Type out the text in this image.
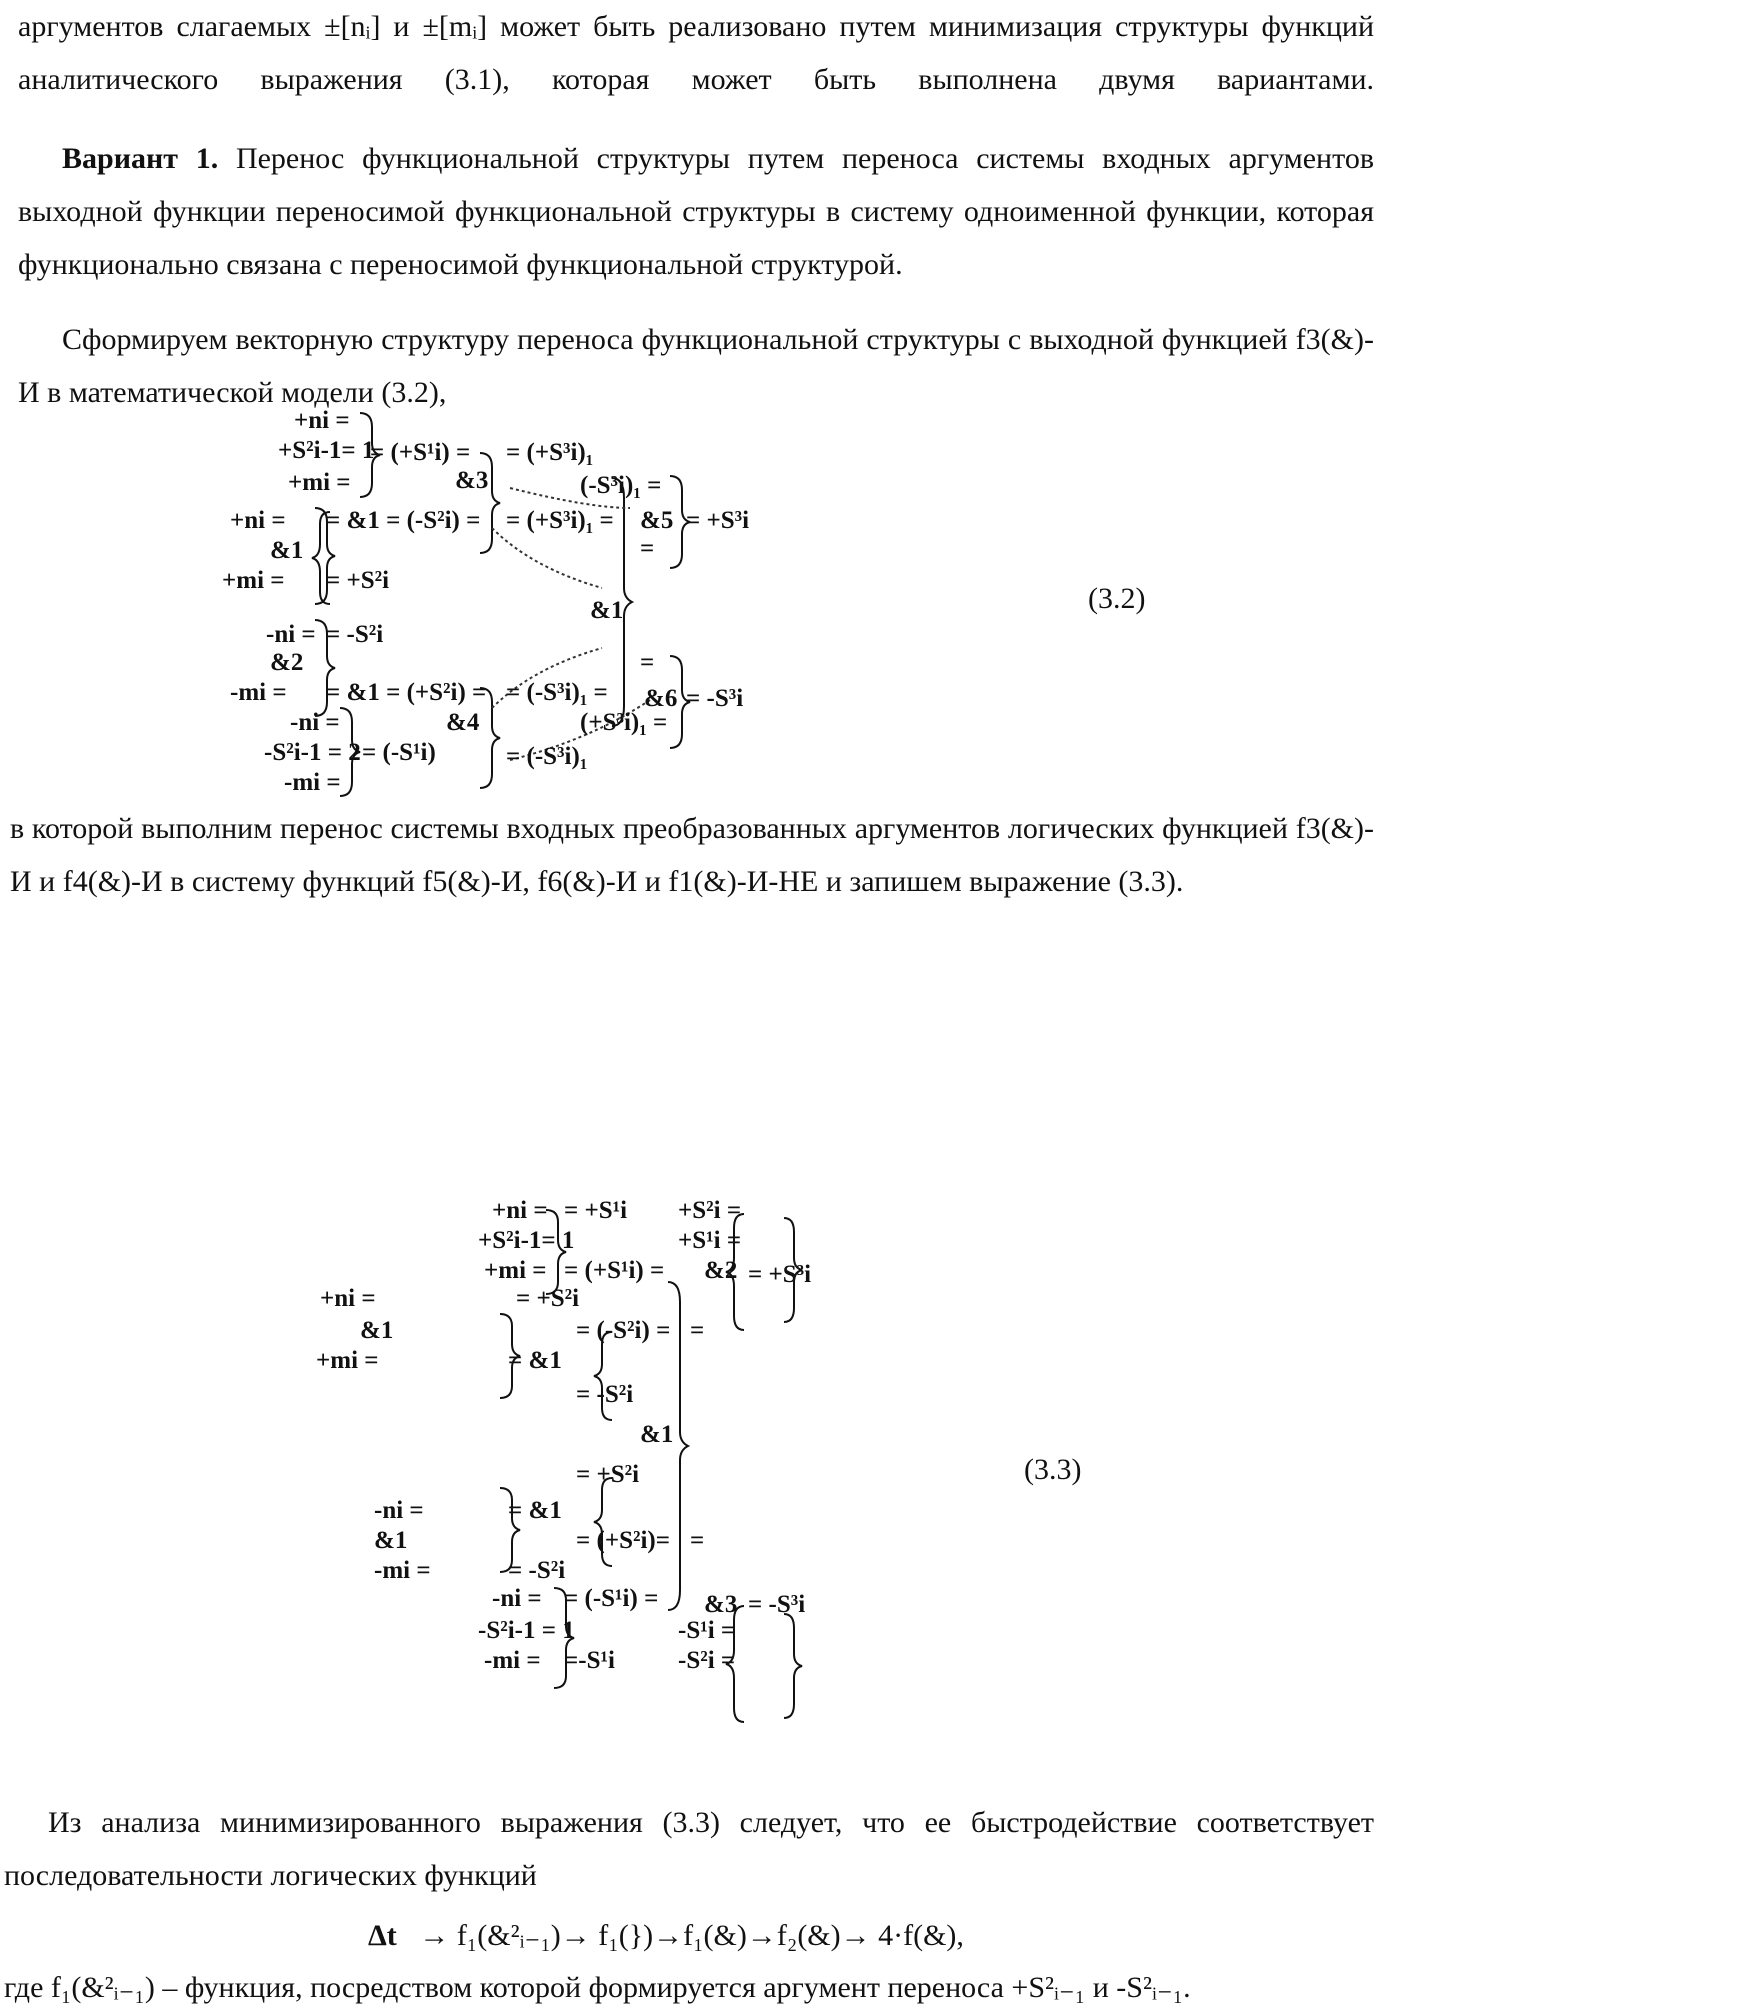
аргументов слагаемых ±[nᵢ] и ±[mᵢ] может быть реализовано путем минимизация структуры функций аналитического выражения (3.1), которая может быть выполнена двумя вариантами.

Вариант 1. Перенос функциональной структуры путем переноса системы входных аргументов выходной функции переносимой функциональной структуры в систему одноименной функции, которая функционально связана с переносимой функциональной структурой.

Сформируем векторную структуру переноса функциональной структуры с выходной функцией f3(&)-И в математической модели (3.2),

+ni =
+S²i-1= 1
+mi =
= (+S¹i) = = (+S³i)₁
&3	(-S³i)₁ =
+ni = = &1 = (-S²i) = = (+S³i)₁ = &5 = +S³i
=
&1
+mi = = +S²i
&1
-ni = = -S²i
&2	=
-mi = = &1 = (+S²i) = = (-S³i)₁ = &6 = -S³i
-ni =	&4	(+S³i)₁ =
-S²i-1 = 2 = (-S¹i)	= (-S³i)₁
-mi =
(3.2)

в которой выполним перенос системы входных преобразованных аргументов логических функцией f3(&)-И и f4(&)-И в систему функций f5(&)-И, f6(&)-И и f1(&)-И-НЕ и запишем выражение (3.3).

+ni = = +S¹i +S²i =
+S²i-1= 1	+S¹i =
+mi = = (+S¹i) = &2 = +S³i
+ni =	= +S²i
&1	= (-S²i) = =
+mi =	= &1
= -S²i
&1
= +S²i
-ni =	= &1
&1	= (+S²i)= =
-mi =	= -S²i
-ni = = (-S¹i) = &3 = -S³i
-S²i-1 = 1	-S¹i =
-mi = =-S¹i	-S²i =
(3.3)

Из анализа минимизированного выражения (3.3) следует, что ее быстродействие соответствует последовательности логических функций

Δt → f₁(&²ᵢ₋₁)→ f₁(})→f₁(&)→f₂(&)→ 4·f(&),
где f₁(&²ᵢ₋₁) – функция, посредством которой формируется аргумент переноса +S²ᵢ₋₁ и -S²ᵢ₋₁.
